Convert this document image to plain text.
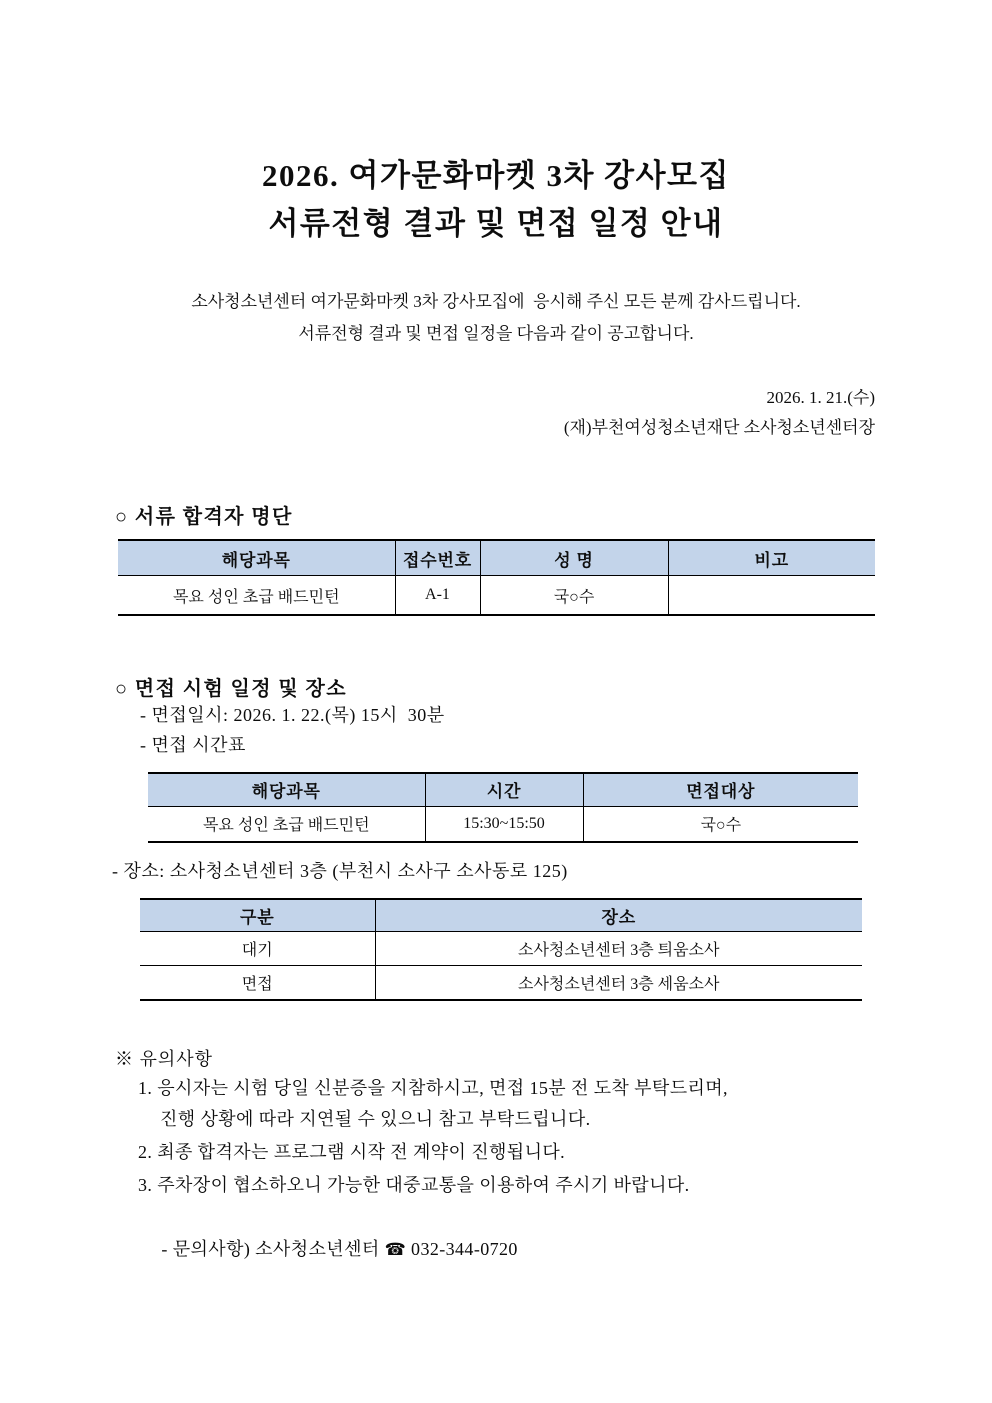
2026. 여가문화마켓 3차 강사모집
서류전형 결과 및 면접 일정 안내
소사청소년센터 여가문화마켓 3차 강사모집에  응시해 주신 모든 분께 감사드립니다.
서류전형 결과 및 면접 일정을 다음과 같이 공고합니다.
2026. 1. 21.(수)
(재)부천여성청소년재단 소사청소년센터장
○ 서류 합격자 명단
해당과목	접수번호	성 명	비고
목요 성인 초급 배드민턴	A-1	국○수	
○ 면접 시험 일정 및 장소
- 면접일시: 2026. 1. 22.(목) 15시  30분
- 면접 시간표
해당과목	시간	면접대상
목요 성인 초급 배드민턴	15:30~15:50	국○수
- 장소: 소사청소년센터 3층 (부천시 소사구 소사동로 125)
구분	장소
대기	소사청소년센터 3층 틔움소사
면접	소사청소년센터 3층 세움소사
※ 유의사항
1. 응시자는 시험 당일 신분증을 지참하시고, 면접 15분 전 도착 부탁드리며,
진행 상황에 따라 지연될 수 있으니 참고 부탁드립니다.
2. 최종 합격자는 프로그램 시작 전 계약이 진행됩니다.
3. 주차장이 협소하오니 가능한 대중교통을 이용하여 주시기 바랍니다.

- 문의사항) 소사청소년센터 ☎ 032-344-0720
